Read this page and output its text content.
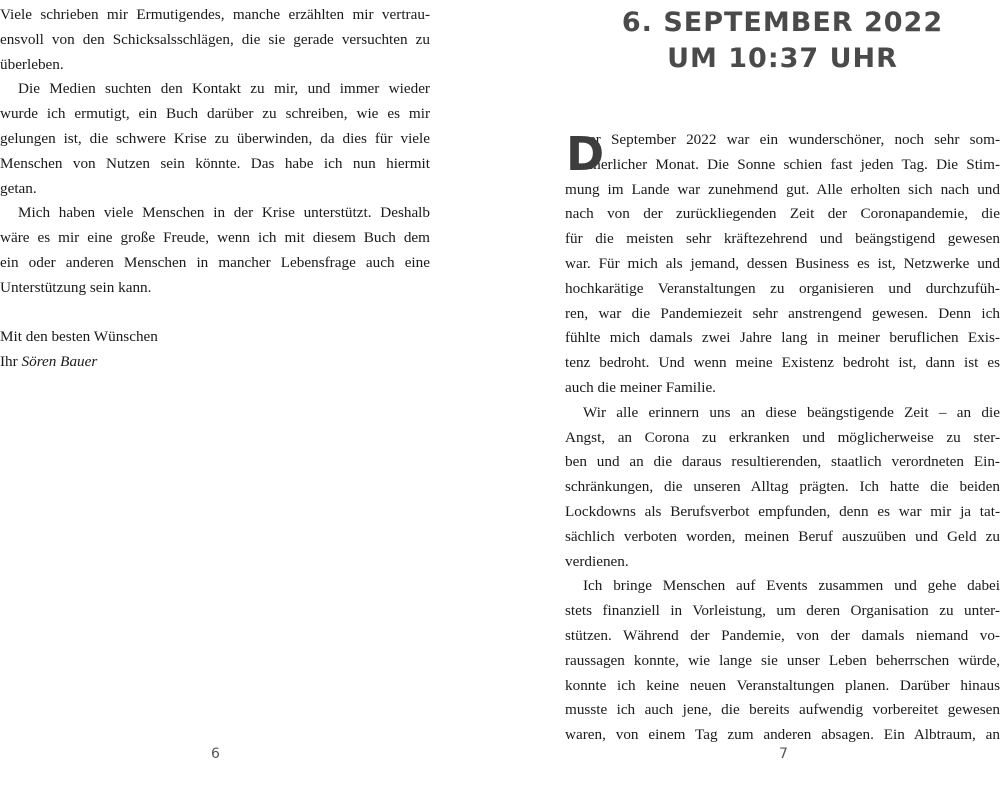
Viele schrieben mir Ermutigendes, manche erzählten mir vertrau-
ensvoll von den Schicksalsschlägen, die sie gerade versuchten zu
überleben.
Die Medien suchten den Kontakt zu mir, und immer wieder
wurde ich ermutigt, ein Buch darüber zu schreiben, wie es mir
gelungen ist, die schwere Krise zu überwinden, da dies für viele
Menschen von Nutzen sein könnte. Das habe ich nun hiermit
getan.
Mich haben viele Menschen in der Krise unterstützt. Deshalb
wäre es mir eine große Freude, wenn ich mit diesem Buch dem
ein oder anderen Menschen in mancher Lebensfrage auch eine
Unterstützung sein kann.
Mit den besten Wünschen
Ihr Sören Bauer
6
6. SEPTEMBER 2022
UM 10:37 UHR
D
er September 2022 war ein wunderschöner, noch sehr som-
merlicher Monat. Die Sonne schien fast jeden Tag. Die Stim-
mung im Lande war zunehmend gut. Alle erholten sich nach und
nach von der zurückliegenden Zeit der Coronapandemie, die
für die meisten sehr kräftezehrend und beängstigend gewesen
war. Für mich als jemand, dessen Business es ist, Netzwerke und
hochkarätige Veranstaltungen zu organisieren und durchzufüh-
ren, war die Pandemiezeit sehr anstrengend gewesen. Denn ich
fühlte mich damals zwei Jahre lang in meiner beruflichen Exis-
tenz bedroht. Und wenn meine Existenz bedroht ist, dann ist es
auch die meiner Familie.
Wir alle erinnern uns an diese beängstigende Zeit – an die
Angst, an Corona zu erkranken und möglicherweise zu ster-
ben und an die daraus resultierenden, staatlich verordneten Ein-
schränkungen, die unseren Alltag prägten. Ich hatte die beiden
Lockdowns als Berufsverbot empfunden, denn es war mir ja tat-
sächlich verboten worden, meinen Beruf auszuüben und Geld zu
verdienen.
Ich bringe Menschen auf Events zusammen und gehe dabei
stets finanziell in Vorleistung, um deren Organisation zu unter-
stützen. Während der Pandemie, von der damals niemand vo-
raussagen konnte, wie lange sie unser Leben beherrschen würde,
konnte ich keine neuen Veranstaltungen planen. Darüber hinaus
musste ich auch jene, die bereits aufwendig vorbereitet gewesen
waren, von einem Tag zum anderen absagen. Ein Albtraum, an
7
